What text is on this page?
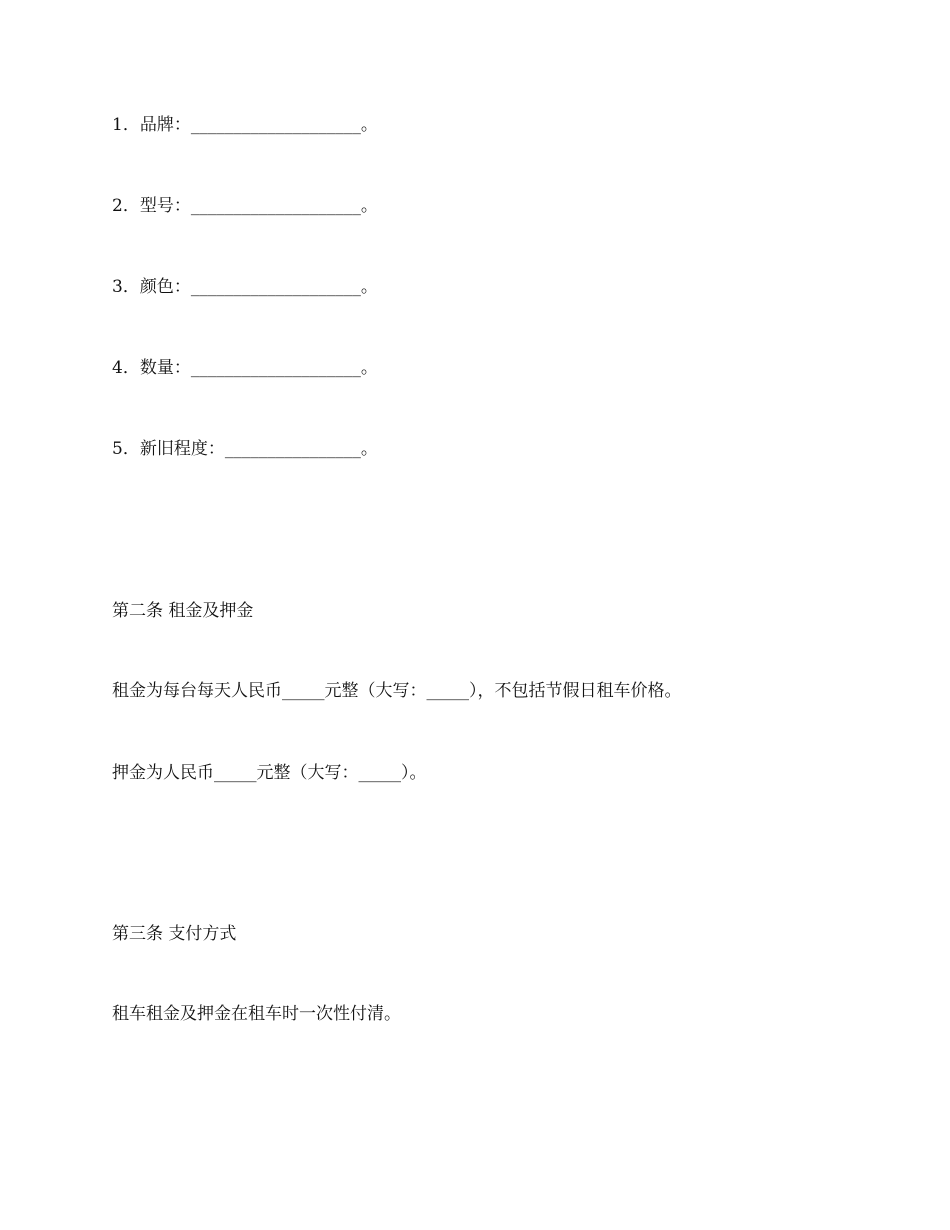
1．品牌：____________________。
2．型号：____________________。
3．颜色：____________________。
4．数量：____________________。
5．新旧程度：________________。
第二条 租金及押金
租金为每台每天人民币_____元整（大写：_____），不包括节假日租车价格。
押金为人民币_____元整（大写：_____）。
第三条 支付方式
租车租金及押金在租车时一次性付清。
